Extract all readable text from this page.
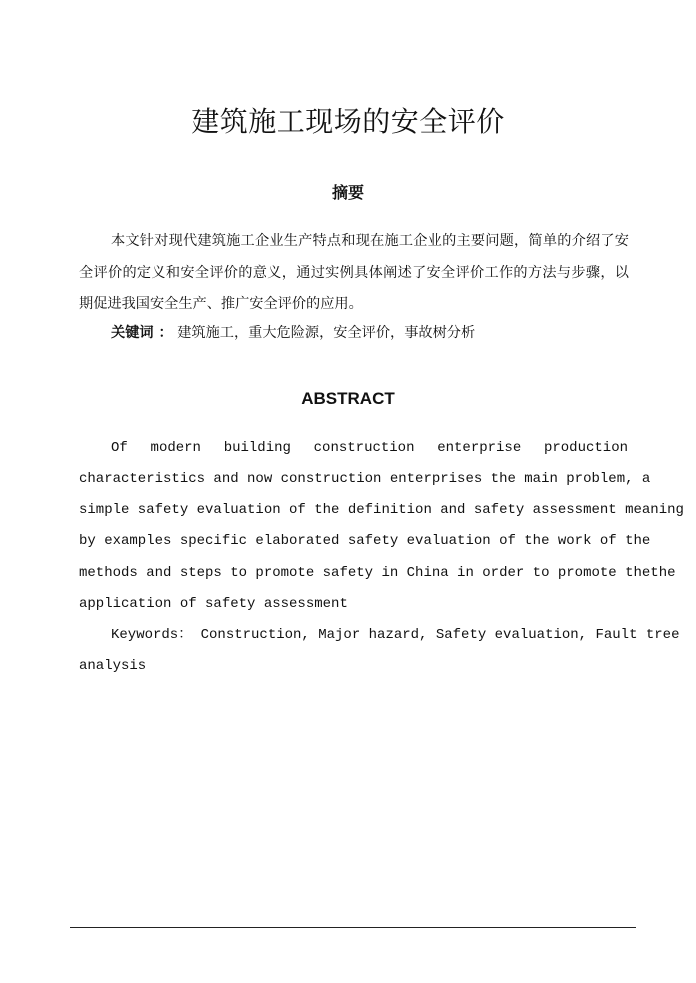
建筑施工现场的安全评价
摘要
本文针对现代建筑施工企业生产特点和现在施工企业的主要问题，简单的介绍了安全评价的定义和安全评价的意义，通过实例具体阐述了安全评价工作的方法与步骤，以期促进我国安全生产、推广安全评价的应用。
关键词 ： 建筑施工，重大危险源，安全评价，事故树分析
ABSTRACT
Of modern building construction enterprise production
characteristics and now construction enterprises the main problem, a
simple safety evaluation of the definition and safety assessment meaning
by examples specific elaborated safety evaluation of the work of the
methods and steps to promote safety in China in order to promote thethe
application of safety assessment
Keywords： Construction, Major hazard, Safety evaluation, Fault tree
analysis
